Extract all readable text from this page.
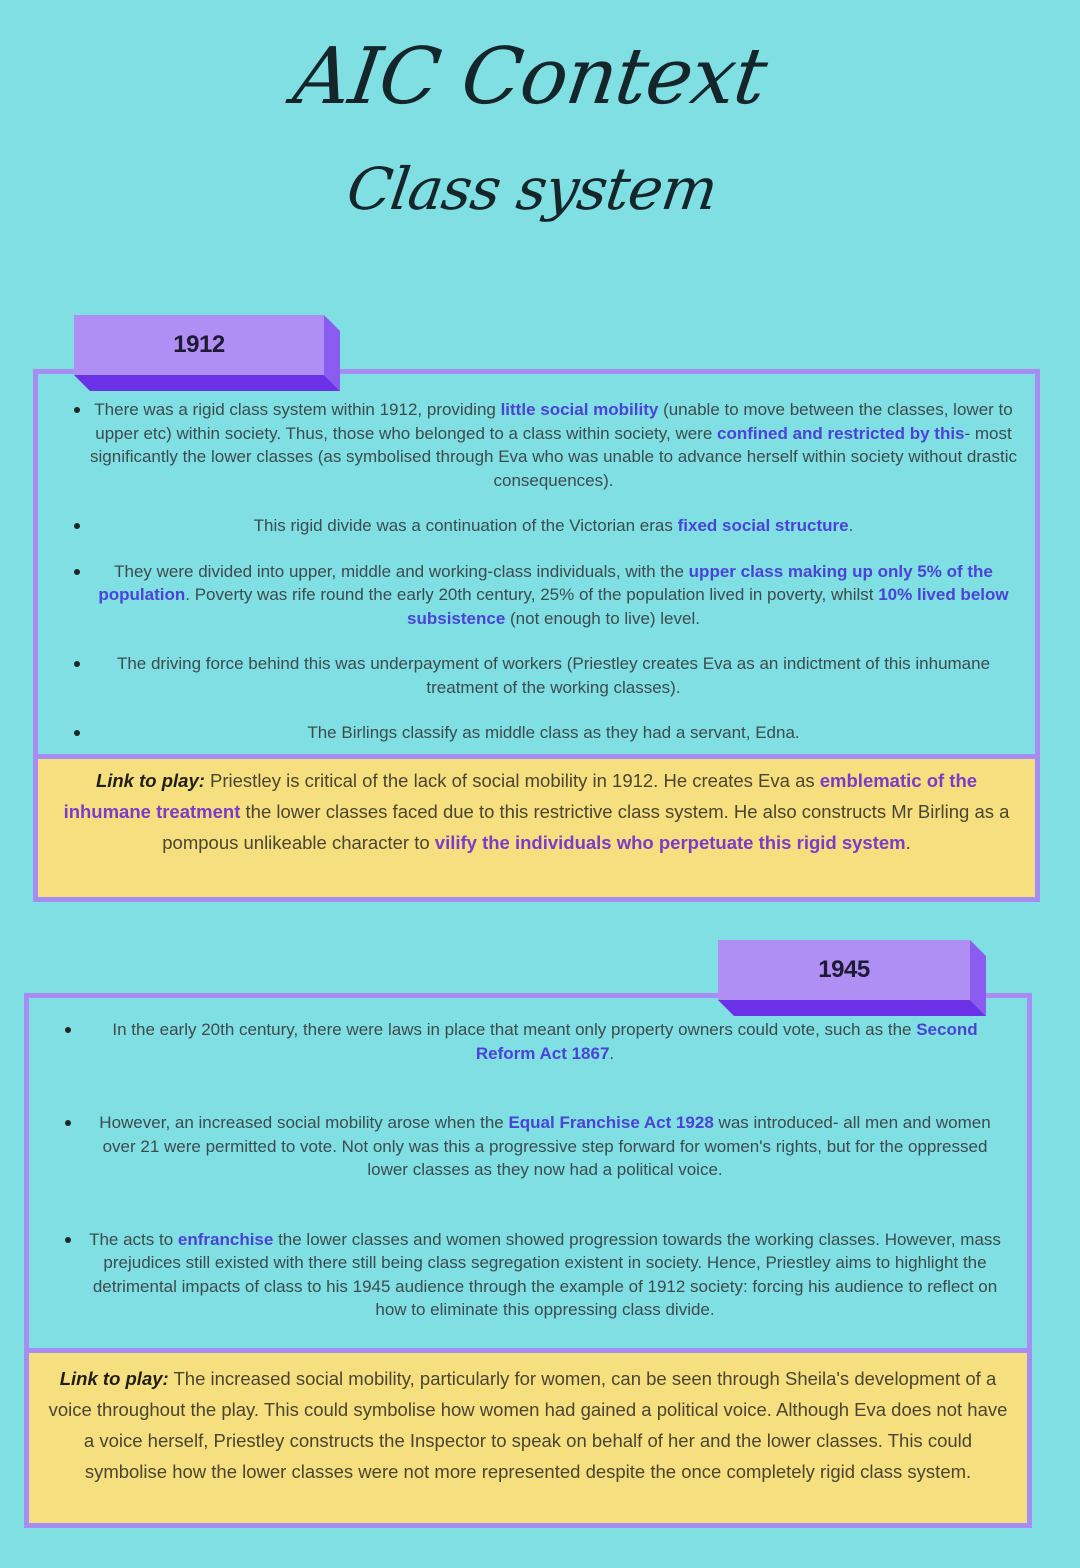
AIC Context
Class system
1912
There was a rigid class system within 1912, providing little social mobility (unable to move between the classes, lower to upper etc) within society. Thus, those who belonged to a class within society, were confined and restricted by this- most significantly the lower classes (as symbolised through Eva who was unable to advance herself within society without drastic consequences).
This rigid divide was a continuation of the Victorian eras fixed social structure.
They were divided into upper, middle and working-class individuals, with the upper class making up only 5% of the population. Poverty was rife round the early 20th century, 25% of the population lived in poverty, whilst 10% lived below subsistence (not enough to live) level.
The driving force behind this was underpayment of workers (Priestley creates Eva as an indictment of this inhumane treatment of the working classes).
The Birlings classify as middle class as they had a servant, Edna.
Link to play: Priestley is critical of the lack of social mobility in 1912. He creates Eva as emblematic of the inhumane treatment the lower classes faced due to this restrictive class system. He also constructs Mr Birling as a pompous unlikeable character to vilify the individuals who perpetuate this rigid system.
1945
In the early 20th century, there were laws in place that meant only property owners could vote, such as the Second Reform Act 1867.
However, an increased social mobility arose when the Equal Franchise Act 1928 was introduced- all men and women over 21 were permitted to vote. Not only was this a progressive step forward for women's rights, but for the oppressed lower classes as they now had a political voice.
The acts to enfranchise the lower classes and women showed progression towards the working classes. However, mass prejudices still existed with there still being class segregation existent in society. Hence, Priestley aims to highlight the detrimental impacts of class to his 1945 audience through the example of 1912 society: forcing his audience to reflect on how to eliminate this oppressing class divide.
Link to play: The increased social mobility, particularly for women, can be seen through Sheila's development of a voice throughout the play. This could symbolise how women had gained a political voice. Although Eva does not have a voice herself, Priestley constructs the Inspector to speak on behalf of her and the lower classes. This could symbolise how the lower classes were not more represented despite the once completely rigid class system.
